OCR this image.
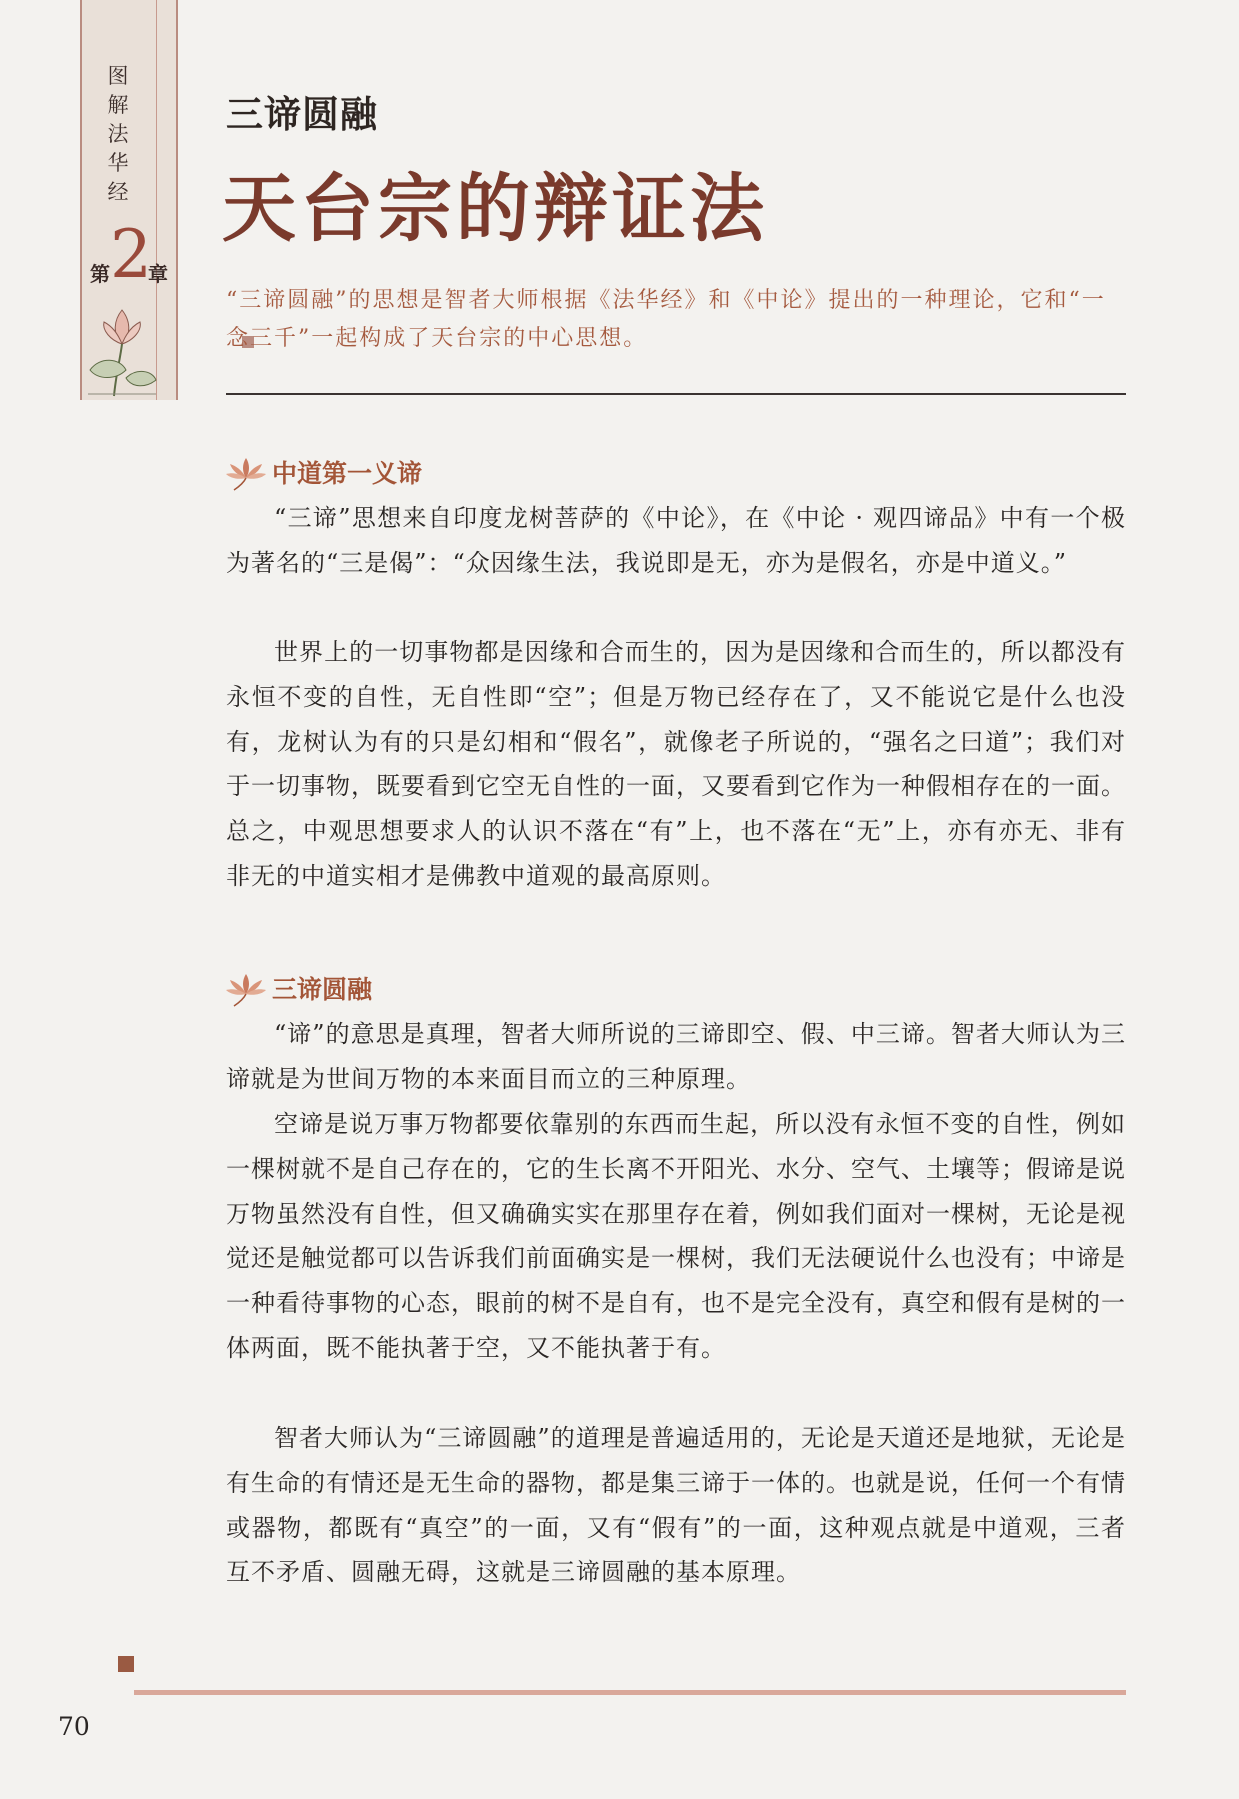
图解法华经
第 2
章
三谛圆融
天台宗的辩证法
“三谛圆融”的思想是智者大师根据《法华经》和《中论》提出的一种理论，它和“一念三千”一起构成了天台宗的中心思想。
中道第一义谛
“三谛”思想来自印度龙树菩萨的《中论》，在《中论 · 观四谛品》中有一个极为著名的“三是偈”：“众因缘生法，我说即是无，亦为是假名，亦是中道义。”
世界上的一切事物都是因缘和合而生的，因为是因缘和合而生的，所以都没有永恒不变的自性，无自性即“空”；但是万物已经存在了，又不能说它是什么也没有，龙树认为有的只是幻相和“假名”，就像老子所说的，“强名之曰道”；我们对于一切事物，既要看到它空无自性的一面，又要看到它作为一种假相存在的一面。总之，中观思想要求人的认识不落在“有”上，也不落在“无”上，亦有亦无、非有非无的中道实相才是佛教中道观的最高原则。
三谛圆融
“谛”的意思是真理，智者大师所说的三谛即空、假、中三谛。智者大师认为三谛就是为世间万物的本来面目而立的三种原理。
空谛是说万事万物都要依靠别的东西而生起，所以没有永恒不变的自性，例如一棵树就不是自己存在的，它的生长离不开阳光、水分、空气、土壤等；假谛是说万物虽然没有自性，但又确确实实在那里存在着，例如我们面对一棵树，无论是视觉还是触觉都可以告诉我们前面确实是一棵树，我们无法硬说什么也没有；中谛是一种看待事物的心态，眼前的树不是自有，也不是完全没有，真空和假有是树的一体两面，既不能执著于空，又不能执著于有。
智者大师认为“三谛圆融”的道理是普遍适用的，无论是天道还是地狱，无论是有生命的有情还是无生命的器物，都是集三谛于一体的。也就是说，任何一个有情或器物，都既有“真空”的一面，又有“假有”的一面，这种观点就是中道观，三者互不矛盾、圆融无碍，这就是三谛圆融的基本原理。
70
